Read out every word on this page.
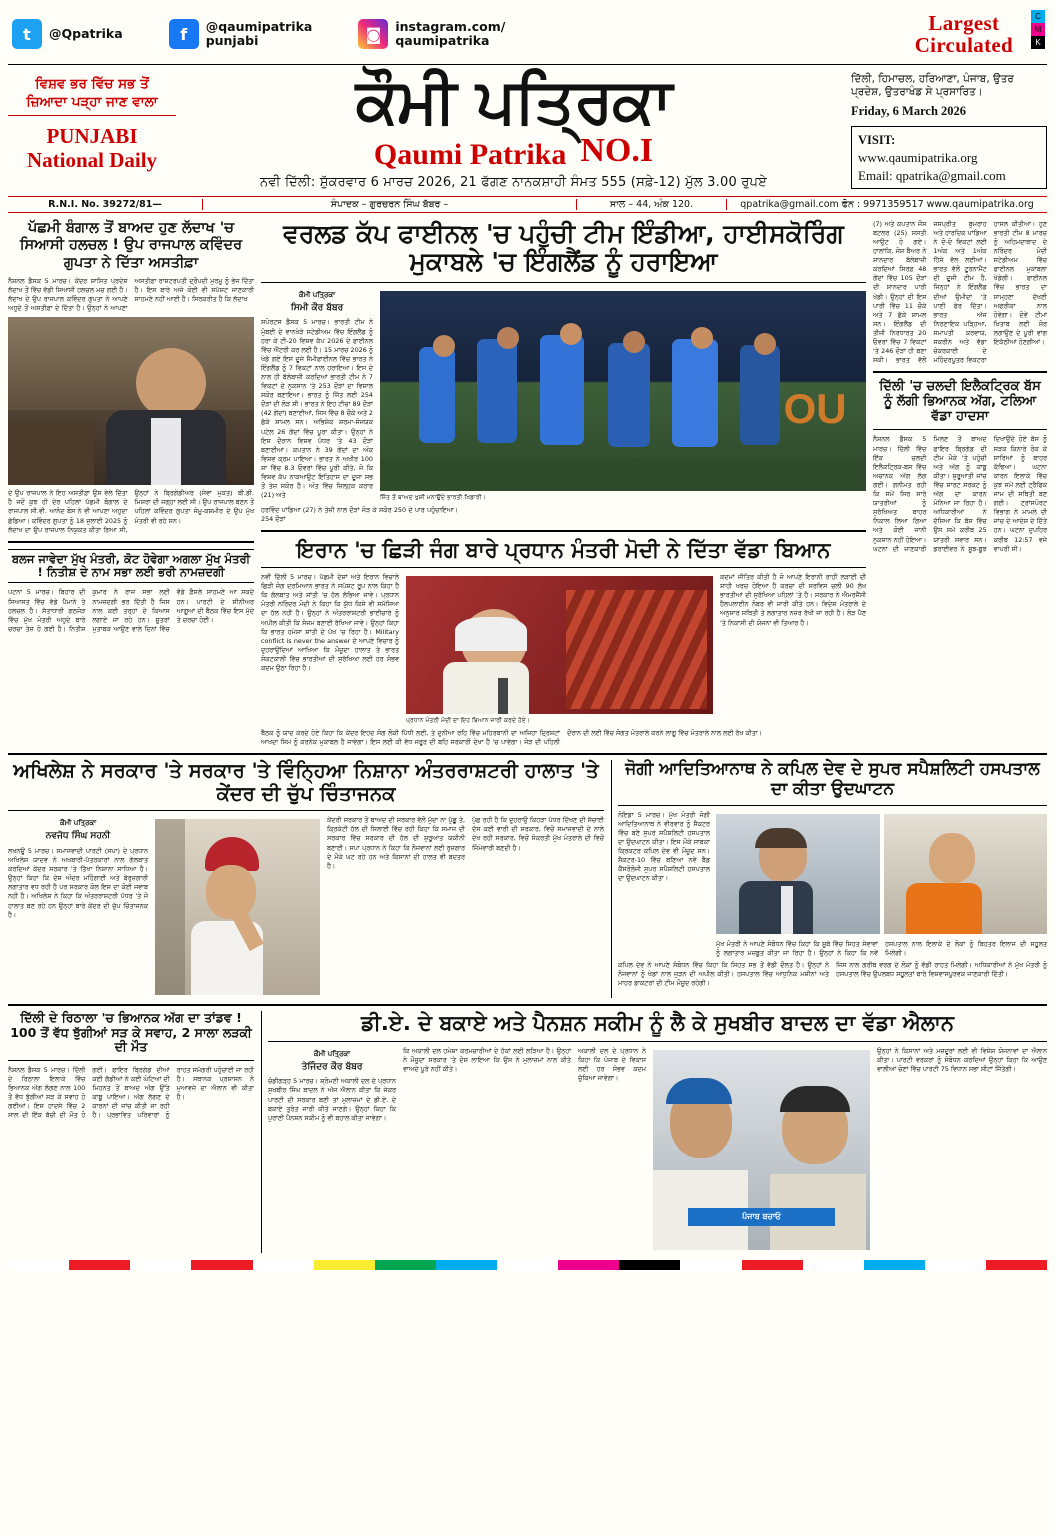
t	@Qpatrika	f	@qaumipatrika
punjabi	◙	instagram.com/
qaumipatrika
Largest
Circulated
C
M
K
ਵਿਸ਼ਵ ਭਰ ਵਿੱਚ ਸਭ ਤੋਂ
ਜ਼ਿਆਦਾ ਪੜ੍ਹਾ ਜਾਣ ਵਾਲਾ
PUNJABI
National Daily
ਕੌਮੀ ਪਤ੍ਰਿਕਾ
Qaumi Patrika NO.I
ਨਵੀ ਦਿੱਲੀ: ਸ਼ੁੱਕਰਵਾਰ 6 ਮਾਰਚ 2026, 21 ਫੱਗਣ ਨਾਨਕਸ਼ਾਹੀ ਸੰਮਤ 555 (ਸਫ਼ੇ-12) ਮੁੱਲ 3.00 ਰੁਪਏ
ਦਿੱਲੀ, ਹਿਮਾਚਲ, ਹਰਿਆਣਾ, ਪੰਜਾਬ, ਉਤਰ ਪ੍ਰਦੇਸ਼, ਉਤਰਾਖੰਡ ਸੇ ਪ੍ਰਸਾਰਿਤ।
Friday, 6 March 2026
VISIT:
www.qaumipatrika.org
Email: qpatrika@gmail.com
R.N.I. No. 39272/81—	ਸੰਪਾਦਕ – ਗੁਰਚਰਨ ਸਿੰਘ ਬੱਬਰ –	ਸਾਲ – 44, ਅੰਕ 120.	qpatrika@gmail.com ਫੋਨ : 9971359517 www.qaumipatrika.org
ਪੱਛਮੀ ਬੰਗਾਲ ਤੋਂ ਬਾਅਦ ਹੁਣ ਲੱਦਾਖ 'ਚ ਸਿਆਸੀ ਹਲਚਲ ! ਉਪ ਰਾਜਪਾਲ ਕਵਿੰਦਰ ਗੁਪਤਾ ਨੇ ਦਿੱਤਾ ਅਸਤੀਫ਼ਾ
ਨੈਸ਼ਨਲ ਡੈਸਕ 5 ਮਾਰਚ। ਕੇਂਦਰ ਸ਼ਾਸਿਤ ਪ੍ਰਦੇਸ਼ ਲੱਦਾਖ ਤੋਂ ਵਿੱਚ ਵੱਡੀ ਸਿਆਸੀ ਹਲਚਲ ਮਚ ਗਈ ਹੈ। ਲੱਦਾਖ ਦੇ ਉਪ ਰਾਜਪਾਲ ਕਵਿੰਦਰ ਗੁਪਤਾ ਨੇ ਆਪਣੇ ਅਹੁਦੇ ਤੋਂ ਅਸਤੀਫ਼ਾ ਦੇ ਦਿੱਤਾ ਹੈ। ਉਨ੍ਹਾਂ ਨੇ ਆਪਣਾ ਅਸਤੀਫ਼ਾ ਰਾਸ਼ਟਰਪਤੀ ਦ੍ਰੌਪਦੀ ਮੁਰਮੂ ਨੂੰ ਭੇਜ ਦਿੱਤਾ ਹੈ। ਇਸ ਬਾਰੇ ਅਜੇ ਕੋਈ ਵੀ ਸਪੱਸ਼ਟ ਜਾਣਕਾਰੀ ਸਾਹਮਣੇ ਨਹੀਂ ਆਈ ਹੈ। ਸਿਰਕਰੀਤ ਹੈ ਕਿ ਲੱਦਾਖ
ਦੇ ਉਪ ਰਾਜਪਾਲ ਨੇ ਇਹ ਅਸਤੀਫ਼ਾ ਉਸ ਵੇਲੇ ਦਿੱਤਾ ਹੈ ਜਦੋਂ ਕੁਝ ਹੀ ਦੇਰ ਪਹਿਲਾਂ ਪੱਛਮੀ ਬੰਗਾਲ ਦੇ ਰਾਜਪਾਲ ਸੀ.ਵੀ. ਆਨੰਦ ਬੋਸ ਨੇ ਵੀ ਆਪਣਾ ਅਹੁਦਾ ਛੱਡਿਆ। ਕਵਿੰਦਰ ਗੁਪਤਾ ਨੂੰ 18 ਜੁਲਾਈ 2025 ਨੂੰ ਲੱਦਾਖ ਦਾ ਉਪ ਰਾਜਪਾਲ ਨਿਯੁਕਤ ਕੀਤਾ ਗਿਆ ਸੀ, ਉਨ੍ਹਾਂ ਨੇ ਬ੍ਰਿਗੇਡੀਅਰ (ਸੇਵਾ ਮੁਕਤ) ਬੀ.ਡੀ. ਮਿਸ਼ਰਾ ਦੀ ਜਗ੍ਹਾ ਲਈ ਸੀ। ਉਪ ਰਾਜਪਾਲ ਬਣਨ ਤੋਂ ਪਹਿਲਾਂ ਕਵਿੰਦਰ ਗੁਪਤਾ ਜੰਮੂ-ਕਸ਼ਮੀਰ ਦੇ ਉਪ ਮੁੱਖ ਮੰਤਰੀ ਵੀ ਰਹੇ ਸਨ।
ਬਲਜ ਜਾਵੇਦਾ ਮੁੱਖ ਮੰਤਰੀ, ਕੋਟ ਹੋਵੇਗਾ ਅਗਲਾ ਮੁੱਖ ਮੰਤਰੀ ! ਨਿਤੀਸ਼ ਦੇ ਨਾਮ ਸਭਾ ਲਈ ਭਰੀ ਨਾਮਜ਼ਦਗੀ
ਪਟਨਾ 5 ਮਾਰਚ। ਬਿਹਾਰ ਦੀ ਸਿਆਸਤ ਵਿੱਚ ਵੱਡੇ ਪੈਮਾਨੇ ਤੇ ਹਲਚਲ ਹੈ। ਸੱਤਾਧਾਰੀ ਗਠਜੋੜ ਵਿੱਚ ਮੁੱਖ ਮੰਤਰੀ ਅਹੁਦੇ ਬਾਰੇ ਚਰਚਾ ਤੇਜ਼ ਹੋ ਗਈ ਹੈ। ਨਿਤੀਸ਼ ਕੁਮਾਰ ਨੇ ਰਾਜ ਸਭਾ ਲਈ ਨਾਮਜ਼ਦਗੀ ਭਰ ਦਿੱਤੀ ਹੈ ਜਿਸ ਨਾਲ ਕਈ ਤਰ੍ਹਾਂ ਦੇ ਕਿਆਸ ਲਗਾਏ ਜਾ ਰਹੇ ਹਨ। ਸੂਤਰਾਂ ਮੁਤਾਬਕ ਆਉਣ ਵਾਲੇ ਦਿਨਾਂ ਵਿੱਚ ਵੱਡੇ ਫ਼ੈਸਲੇ ਸਾਹਮਣੇ ਆ ਸਕਦੇ ਹਨ। ਪਾਰਟੀ ਦੇ ਸੀਨੀਅਰ ਆਗੂਆਂ ਦੀ ਬੈਠਕ ਵਿੱਚ ਇਸ ਮੁੱਦੇ ਤੇ ਚਰਚਾ ਹੋਈ।
ਵਰਲਡ ਕੱਪ ਫਾਈਨਲ 'ਚ ਪਹੁੰਚੀ ਟੀਮ ਇੰਡੀਆ, ਹਾਈਸਕੋਰਿੰਗ ਮੁਕਾਬਲੇ 'ਚ ਇੰਗਲੈਂਡ ਨੂੰ ਹਰਾਇਆ
ਕੌਮੀ ਪਤ੍ਰਿਕਾ
ਸਿਮੀ ਕੌਰ ਬੱਬਰ
ਸਪੋਰਟਸ ਡੈਸਕ 5 ਮਾਰਚ। ਭਾਰਤੀ ਟੀਮ ਨੇ ਮੁੰਬਈ ਦੇ ਵਾਨਖੇੜੇ ਸਟੇਡੀਅਮ ਵਿੱਚ ਇੰਗਲੈਂਡ ਨੂੰ ਹਰਾ ਕੇ ਟੀ-20 ਵਿਸ਼ਵ ਕੱਪ 2026 ਦੇ ਫਾਈਨਲ ਵਿੱਚ ਐਂਟਰੀ ਕਰ ਲਈ ਹੈ। 15 ਮਾਰਚ 2026 ਨੂੰ ਖੇਡੇ ਗਏ ਇਸ ਦੂਜੇ ਸੈਮੀਫਾਈਨਲ ਵਿੱਚ ਭਾਰਤ ਨੇ ਇੰਗਲੈਂਡ ਨੂੰ 7 ਵਿਕਟਾਂ ਨਾਲ ਹਰਾਇਆ। ਇਸ ਦੇ ਨਾਲ ਹੀ ਬੱਲੇਬਾਜ਼ੀ ਕਰਦਿਆਂ ਭਾਰਤੀ ਟੀਮ ਨੇ 7 ਵਿਕਟਾਂ ਦੇ ਨੁਕਸਾਨ 'ਤੇ 253 ਦੌੜਾਂ ਦਾ ਵਿਸ਼ਾਲ ਸਕੋਰ ਬਣਾਇਆ। ਭਾਰਤ ਨੂੰ ਜਿੱਤ ਲਈ 254 ਦੌੜਾਂ ਦੀ ਲੋੜ ਸੀ। ਭਾਰਤ ਨੇ ਇਹ ਟੀਚਾ 89 ਦੌੜਾਂ (42 ਗੇਂਦਾਂ) ਬਣਾਈਆਂ, ਜਿਸ ਵਿੱਚ 8 ਚੌਕੇ ਅਤੇ 2 ਛੱਕੇ ਸ਼ਾਮਲ ਸਨ। ਅਭਿਸ਼ੇਕ ਸ਼ਰਮਾ-ਸੰਜਯਕ ਪਟੇਲ 26 ਗੇਂਦਾਂ ਵਿੱਚ ਪੂਰਾ ਕੀਤਾ। ਉਨ੍ਹਾਂ ਨੇ ਇਸ ਦੌਰਾਨ ਵਿਸ਼ਵ ਪੱਧਰ 'ਤੇ 43 ਦੌੜਾਂ ਬਣਾਈਆਂ। ਕਪਤਾਨ ਨੇ 39 ਗੇਂਦਾਂ ਦਾ ਅੰਕ ਵਿਸ਼ਵ ਕ੍ਰਮ ਪਾਇਆ। ਭਾਰਤ ਨੇ ਅਖੀਰ 100 ਸ਼ਾ ਵਿੱਚ 8.3 ਓਵਰਾਂ ਵਿੱਚ ਪੂਰੀ ਕੀਤੇ, ਜੋ ਕਿ ਵਿਸ਼ਵ ਕੱਪ ਨਾਕਆਉਟ ਇਤਿਹਾਸ ਦਾ ਦੂਜਾ ਸਭ ਤੋਂ ਤੇਜ਼ ਸਕੋਰ ਹੈ। ਅੰਤ ਵਿੱਚ ਜ਼ਿਲ੍ਹਕ ਕਰਾਰ (21) ਅਤੇ
OU
ਜਿੱਤ ਤੋਂ ਬਾਅਦ ਖੁਸ਼ੀ ਮਨਾਉਂਦੇ ਭਾਰਤੀ ਖਿਡਾਰੀ।
ਹਰਵਿੰਦ ਪਾਂਡਿਆ (27) ਨੇ ਤੇਜ਼ੀ ਨਾਲ ਦੌੜਾਂ ਜੋੜ ਕੇ ਸਕੋਰ 250 ਦੇ ਪਾਰ ਪਹੁੰਚਾਇਆ। 254 ਦੌੜਾਂ
ਇਰਾਨ 'ਚ ਛਿੜੀ ਜੰਗ ਬਾਰੇ ਪ੍ਰਧਾਨ ਮੰਤਰੀ ਮੋਦੀ ਨੇ ਦਿੱਤਾ ਵੱਡਾ ਬਿਆਨ
ਨਵੀਂ ਦਿੱਲੀ 5 ਮਾਰਚ। ਪੱਛਮੀ ਦੇਸ਼ਾਂ ਅਤੇ ਇਰਾਨ ਵਿਚਾਲੇ ਛਿੜੀ ਜੰਗ ਦਰਮਿਆਨ ਭਾਰਤ ਨੇ ਸਪੱਸ਼ਟ ਰੂਪ ਨਾਲ ਕਿਹਾ ਹੈ ਕਿ ਗੱਲਬਾਤ ਅਤੇ ਸ਼ਾਂਤੀ 'ਚ ਹੱਲ ਲੱਭਿਆ ਜਾਵੇ। ਪ੍ਰਧਾਨ ਮੰਤਰੀ ਨਰਿੰਦਰ ਮੋਦੀ ਨੇ ਕਿਹਾ ਕਿ ਯੁੱਧ ਕਿਸੇ ਵੀ ਸਮੱਸਿਆ ਦਾ ਹੱਲ ਨਹੀਂ ਹੈ। ਉਨ੍ਹਾਂ ਨੇ ਅੰਤਰਰਾਸ਼ਟਰੀ ਭਾਈਚਾਰੇ ਨੂੰ ਅਪੀਲ ਕੀਤੀ ਕਿ ਸੰਜਮ ਬਣਾਈ ਰੱਖਿਆ ਜਾਵੇ। ਉਨ੍ਹਾਂ ਕਿਹਾ ਕਿ ਭਾਰਤ ਹਮੇਸ਼ਾ ਸ਼ਾਂਤੀ ਦੇ ਪੱਖ 'ਚ ਰਿਹਾ ਹੈ। Military conflict is never the answer ਦੇ ਆਪਣੇ ਵਿਚਾਰ ਨੂੰ ਦੁਹਰਾਉਂਦਿਆਂ ਆਖਿਆ ਕਿ ਮੌਜੂਦਾ ਹਾਲਾਤ ਤੇ ਭਾਰਤ ਸੰਕਟਕਾਲੀ ਵਿੱਚ ਭਾਰਤੀਆਂ ਦੀ ਸੁਰੱਖਿਆ ਲਈ ਹਰ ਸੰਭਵ ਕਦਮ ਉਠਾ ਰਿਹਾ ਹੈ।
ਪ੍ਰਧਾਨ ਮੰਤਰੀ ਮੋਦੀ ਦਾ ਇਹ ਬਿਆਨ ਜਾਰੀ ਕਰਦੇ ਹੋਏ।
ਕਦਮਾਂ ਜੀਤਿਰ ਕੀਤੀ ਹੈ ਜੋ ਆਪਣੇ ਇਰਾਨੀ ਰਾਹੀਂ ਲੜਾਈ ਦੀ ਸ਼ਾਹੀ ਖਰਚ ਹੋਇਆ ਹੈ ਕਰਚਾ ਦੀ ਸਰਵਿਸ ਚਲੀ 90 ਲੱਖ ਭਾਰਤੀਆਂ ਦੀ ਸੁਰੱਖਿਆ ਪਹਿਲਾਂ 'ਤੇ ਹੈ। ਸਰਕਾਰ ਨੇ ਐਮਰਜੈਂਸੀ ਹੈਲਪਲਾਈਨ ਨੰਬਰ ਵੀ ਜਾਰੀ ਕੀਤੇ ਹਨ। ਵਿਦੇਸ਼ ਮੰਤਰਾਲੇ ਦੇ ਅਨੁਸਾਰ ਸਥਿਤੀ ਤੇ ਲਗਾਤਾਰ ਨਜ਼ਰ ਰੱਖੀ ਜਾ ਰਹੀ ਹੈ। ਲੋੜ ਪੈਣ 'ਤੇ ਨਿਕਾਸੀ ਦੀ ਯੋਜਨਾ ਵੀ ਤਿਆਰ ਹੈ।
ਬੈਠਕ ਨੂੰ ਯਾਦ ਕਰਦੇ ਹੋਏ ਕਿਹਾ ਕਿ ਕੇਂਦਰ ਇਹਦ ਸੰਗ ਲੋਕੀ ਪਿੱਧੀ ਲਈ, ਤੇ ਦੁਨੀਆ ਰਹਿ ਵਿੱਚ ਮਹਿਰਬਾਨੀ ਦਾ ਅਜਿਹਾ ਦ੍ਰਿਸ਼ਟਾਂ ਆਖਦਾ ਸਿਮ ਨੂੰ ਕਰਨੇਕ ਮੁਕਾਬਲ ਹੈ ਜਾਵੇਗਾ। ਇਸ ਲਈ ਕੀ ਵੱਧ ਜਰੂਰ ਦੀ ਬਹਿ ਸਰਕਾਰੀ ਦੇਖਾ ਹੈ 'ਚ ਪਾਵੇਗਾ। ਜੋੜ ਦੀ ਪਹਿਲੀ ਦੌਰਾਨ ਦੀ ਲਈ ਵਿੱਚ ਸੰਗਤ ਮੰਤਰਾਲੇ ਕਰਨੇ ਲਾਗੂ ਵਿੱਚ ਮੰਤਰਾਲੇ ਨਾਲ ਲਈ ਰੱਖ ਕੀਤਾ।
(7) ਅਤੇ ਕਪਤਾਨ ਜੌਸ ਬਟਲਰ (25) ਸਸਤੀ ਆਉਟ ਹੋ ਗਏ। ਹਾਲਾਂਕਿ, ਜੋਸ਼ ਬੈਅਰ ਨੇ ਸ਼ਾਨਦਾਰ ਬੱਲੇਬਾਜ਼ੀ ਕਰਦਿਆਂ ਸਿਰਫ਼ 48 ਗੇਂਦਾਂ ਵਿੱਚ 105 ਦੌੜਾਂ ਦੀ ਸ਼ਾਨਦਾਰ ਪਾਰੀ ਖੇਡੀ। ਉਨ੍ਹਾਂ ਦੀ ਇਸ ਪਾਰੀ ਵਿੱਚ 11 ਚੌਕੇ ਅਤੇ 7 ਛੱਕੇ ਸ਼ਾਮਲ ਸਨ। ਇੰਗਲੈਂਡ ਦੀ ਤੀਜੀ ਨਿਰਧਾਰਤ 20 ਓਵਰਾਂ ਵਿੱਚ 7 ਵਿਕਟਾਂ 'ਤੇ 246 ਦੌੜਾਂ ਹੀ ਬਣਾ ਸਕੀ। ਭਾਰਤ ਵੱਲੋਂ ਜਸਪ੍ਰੀਤ ਬੁਮਰਾਹ ਅਤੇ ਹਾਰਦਿਕ ਪਾਂਡਿਆ ਨੇ ਦੋ-ਦੋ ਵਿਕਟਾਂ ਲਈ 1ਅੰਕ ਅਤੇ 1ਅੰਕ ਹਿੱਸੇ ਵੱਲ ਲਈਆਂ। ਭਾਰਤ ਵੱਲੋਂ ਟੂਰਨਾਮੈਂਟ ਦੀ ਦੂਜੀ ਟੀਮ ਹੈ, ਜਿਨ੍ਹਾਂ ਨੇ ਇੰਗਲੈਂਡ ਦੀਆਂ ਉਮੀਦਾਂ 'ਤੇ ਪਾਣੀ ਫੇਰ ਦਿੱਤਾ। ਭਾਰਤ ਅੱਜ ਨਿਰਣਾਇਕ ਪੜ੍ਹਿਆ, ਸਮਾਪਤੀ ਕਰਵਾਯ, ਸਕਰੀਨ ਅਤੇ ਵੱਡਾ ਚੰਕਰਕਾਈ ਦੇ ਮਹਿੰਦਰਪੂਤਰ ਵਿਕਟਰਾ ਹਾਸਲ ਕੀਤੀਆਂ। ਹੁਣ ਭਾਰਤੀ ਟੀਮ 8 ਮਾਰਚ ਨੂੰ ਅਹਿਮਦਾਬਾਦ ਦੇ ਨਰਿੰਦਰ ਮੋਦੀ ਸਟੇਡੀਅਮ ਵਿੱਚ ਫਾਈਨਲ ਮੁਕਾਬਲਾ ਖੇਡੇਗੀ। ਫਾਈਨਲ ਵਿੱਚ ਭਾਰਤ ਦਾ ਸਾਮ੍ਹਣਾ ਦੱਖਣੀ ਅਫਰੀਕਾ ਨਾਲ ਹੋਵੇਗਾ। ਦੋਵੇਂ ਟੀਮਾਂ ਖ਼ਿਤਾਬ ਲਈ ਜ਼ੋਰ ਲਗਾਉਣ ਦੇ ਪੂਰੀ ਵਾਂਗ ਇਕੱਠੀਆਂ ਹੋਣਗੀਆਂ।
ਦਿੱਲੀ 'ਚ ਚਲਦੀ ਇਲੈਕਟ੍ਰਿਕ ਬੱਸ ਨੂੰ ਲੱਗੀ ਭਿਆਨਕ ਅੱਗ, ਟਲਿਆ ਵੱਡਾ ਹਾਦਸਾ
ਨੈਸ਼ਨਲ ਡੈਸਕ 5 ਮਾਰਚ। ਦਿੱਲੀ ਵਿੱਚ ਇੱਕ ਚਲਦੀ ਇਲੈਕਟ੍ਰਿਕ-ਬਸ ਵਿੱਚ ਅਚਾਨਕ ਅੱਗ ਲੱਗ ਗਈ। ਗਨੀਮਤ ਰਹੀ ਕਿ ਸਮੇਂ ਸਿਰ ਸਾਰੇ ਯਾਤਰੀਆਂ ਨੂੰ ਸੁਰੱਖਿਅਤ ਬਾਹਰ ਨਿਕਾਲ ਲਿਆ ਗਿਆ ਅਤੇ ਕੋਈ ਜਾਨੀ ਨੁਕਸਾਨ ਨਹੀਂ ਹੋਇਆ। ਘਟਨਾ ਦੀ ਜਾਣਕਾਰੀ ਮਿਲਣ ਤੋਂ ਬਾਅਦ ਫਾਇਰ ਬ੍ਰਿਗੇਡ ਦੀ ਟੀਮ ਮੌਕੇ 'ਤੇ ਪਹੁੰਚੀ ਅਤੇ ਅੱਗ ਨੂੰ ਕਾਬੂ ਕੀਤਾ। ਸ਼ੁਰੂਆਤੀ ਜਾਂਚ ਵਿੱਚ ਸ਼ਾਰਟ ਸਰਕਟ ਨੂੰ ਅੱਗ ਦਾ ਕਾਰਨ ਮੰਨਿਆ ਜਾ ਰਿਹਾ ਹੈ। ਅਧਿਕਾਰੀਆਂ ਨੇ ਦੱਸਿਆ ਕਿ ਬੱਸ ਵਿੱਚ ਉਸ ਸਮੇਂ ਕਰੀਬ 25 ਯਾਤਰੀ ਸਵਾਰ ਸਨ। ਡਰਾਈਵਰ ਨੇ ਸੂਝ-ਬੂਝ ਦਿਖਾਉਂਦੇ ਹੋਏ ਬੱਸ ਨੂੰ ਸੜਕ ਕਿਨਾਰੇ ਰੋਕ ਕੇ ਸਾਰਿਆਂ ਨੂੰ ਬਾਹਰ ਕੱਢਿਆ। ਘਟਨਾ ਕਾਰਨ ਇਲਾਕੇ ਵਿੱਚ ਕੁਝ ਸਮੇਂ ਲਈ ਟ੍ਰੈਫਿਕ ਜਾਮ ਦੀ ਸਥਿਤੀ ਬਣ ਗਈ। ਟ੍ਰਾਂਸਪੋਰਟ ਵਿਭਾਗ ਨੇ ਮਾਮਲੇ ਦੀ ਜਾਂਚ ਦੇ ਆਦੇਸ਼ ਦੇ ਦਿੱਤੇ ਹਨ। ਘਟਨਾ ਦੁਪਹਿਰ ਕਰੀਬ 12:57 ਵਜੇ ਵਾਪਰੀ ਸੀ।
ਅਖਿਲੇਸ਼ ਨੇ ਸਰਕਾਰ 'ਤੇ ਸਰਕਾਰ 'ਤੇ ਵਿੰਨ੍ਹਿਆ ਨਿਸ਼ਾਨਾ ਅੰਤਰਰਾਸ਼ਟਰੀ ਹਾਲਾਤ 'ਤੇ ਕੇਂਦਰ ਦੀ ਚੁੱਪ ਚਿੰਤਾਜਨਕ
ਕੌਮੀ ਪਤ੍ਰਿਕਾ
ਨਵਜੋਧ ਸਿੰਘ ਸਹਨੀ
ਲਖਨਊ 5 ਮਾਰਚ। ਸਮਾਜਵਾਦੀ ਪਾਰਟੀ (ਸਪਾ) ਦੇ ਪ੍ਰਧਾਨ ਅਖਿਲੇਸ਼ ਯਾਦਵ ਨੇ ਅਖਬਾਰੀ-ਪੱਤਰਕਾਰਾਂ ਨਾਲ ਗੱਲਬਾਤ ਕਰਦਿਆਂ ਕੇਂਦਰ ਸਰਕਾਰ 'ਤੇ ਤਿੱਖਾ ਨਿਸ਼ਾਨਾ ਸਾਧਿਆ ਹੈ। ਉਨ੍ਹਾਂ ਕਿਹਾ ਕਿ ਦੇਸ਼ ਅੰਦਰ ਮਹਿੰਗਾਈ ਅਤੇ ਬੇਰੁਜ਼ਗਾਰੀ ਲਗਾਤਾਰ ਵਧ ਰਹੀ ਹੈ ਪਰ ਸਰਕਾਰ ਕੋਲ ਇਸ ਦਾ ਕੋਈ ਜਵਾਬ ਨਹੀਂ ਹੈ। ਅਖਿਲੇਸ਼ ਨੇ ਕਿਹਾ ਕਿ ਅੰਤਰਰਾਸ਼ਟਰੀ ਪੱਧਰ 'ਤੇ ਜੋ ਹਾਲਾਤ ਬਣ ਰਹੇ ਹਨ ਉਨ੍ਹਾਂ ਬਾਰੇ ਕੇਂਦਰ ਦੀ ਚੁੱਪ ਚਿੰਤਾਜਨਕ ਹੈ।
ਕੇਂਦਰੀ ਸਰਕਾਰ ਤੋਂ ਬਾਅਦ ਦੀ ਸਰਕਾਰ ਵੱਲੋਂ ਮੁੱਦਾ ਨਾ ਪੁੱਛੂ ਤੇ, ਕ੍ਰਿਕੇਟੀ ਹੱਲ ਦੀ ਸਿਲਾਈ ਵਿੱਚ ਰਹੀ ਕਿਹਾ ਕਿ ਸਮਾਜ ਦੀ ਸਰਕਾਰ ਵਿੱਚ ਸਰਕਾਰ ਦੀ ਹੱਲ ਦੀ ਸ਼ੁਰੂਆਤ ਯਕੀਨੀ ਬਣਾਈ। ਸਪਾ ਪ੍ਰਧਾਨ ਨੇ ਕਿਹਾ ਕਿ ਨੌਜਵਾਨਾਂ ਲਈ ਰੁਜ਼ਗਾਰ ਦੇ ਮੌਕੇ ਘਟ ਰਹੇ ਹਨ ਅਤੇ ਕਿਸਾਨਾਂ ਦੀ ਹਾਲਤ ਵੀ ਬਦਤਰ ਹੈ।
ਪੁੱਛ ਰਹੀ ਹੈ ਕਿ ਦੁਹਰਾਉ ਕਿਹੜਾ ਪੱਧਰ ਦਿੱਖਣ ਦੀ ਸੱਚਾਈ ਦੱਸ ਕਈ ਵਾਰੀ ਦੀ ਸਰਕਾਰ, ਵਿਚੋਂ ਸਮਾਜਵਾਦੀ ਦੇ ਨਾਲੇ ਦੇਖ ਰਹੀ ਸਰਕਾਰ, ਵਿਚੋਂ ਸੰਕਰਤੀ ਮੁੱਖ ਮੰਤਰਾਲੇ ਦੀ ਵਿਚੋਂ ਜਿੰਮੇਵਾਰੀ ਬਣਦੀ ਹੈ।
ਜੋਗੀ ਆਦਿਤਿਆਨਾਥ ਨੇ ਕਪਿਲ ਦੇਵ ਦੇ ਸੁਪਰ ਸਪੈਸ਼ਲਿਟੀ ਹਸਪਤਾਲ ਦਾ ਕੀਤਾ ਉਦਘਾਟਨ
ਨੋਇਡਾ 5 ਮਾਰਚ। ਮੁੱਖ ਮੰਤਰੀ ਜੋਗੀ ਆਦਿਤਿਆਨਾਥ ਨੇ ਵੀਰਵਾਰ ਨੂੰ ਸੈਕਟਰ ਵਿੱਚ ਬਣੇ ਸੁਪਰ ਸਪੈਸ਼ਲਿਟੀ ਹਸਪਤਾਲ ਦਾ ਉਦਘਾਟਨ ਕੀਤਾ। ਇਸ ਮੌਕੇ ਸਾਬਕਾ ਕ੍ਰਿਕਟਰ ਕਪਿਲ ਦੇਵ ਵੀ ਮੌਜੂਦ ਸਨ। ਸੈਕਟਰ-10 ਵਿੱਚ ਬਣਿਆ ਨਵੇਂ ਬੈਡ ਕੈਂਸਰੋਲੋਜੀ ਸੁਪਰ ਸਪੈਸ਼ਲਿਟੀ ਹਸਪਤਾਲ ਦਾ ਉਦਘਾਟਨ ਕੀਤਾ।
ਮੁੱਖ ਮੰਤਰੀ ਨੇ ਆਪਣੇ ਸੰਬੋਧਨ ਵਿੱਚ ਕਿਹਾ ਕਿ ਸੂਬੇ ਵਿੱਚ ਸਿਹਤ ਸੇਵਾਵਾਂ ਨੂੰ ਲਗਾਤਾਰ ਮਜ਼ਬੂਤ ਕੀਤਾ ਜਾ ਰਿਹਾ ਹੈ। ਉਨ੍ਹਾਂ ਨੇ ਕਿਹਾ ਕਿ ਨਵੇਂ ਹਸਪਤਾਲ ਨਾਲ ਇਲਾਕੇ ਦੇ ਲੋਕਾਂ ਨੂੰ ਬਿਹਤਰ ਇਲਾਜ ਦੀ ਸਹੂਲਤ ਮਿਲੇਗੀ।
ਕਪਿਲ ਦੇਵ ਨੇ ਆਪਣੇ ਸੰਬੋਧਨ ਵਿੱਚ ਕਿਹਾ ਕਿ ਸਿਹਤ ਸਭ ਤੋਂ ਵੱਡੀ ਦੌਲਤ ਹੈ। ਉਨ੍ਹਾਂ ਨੇ ਨੌਜਵਾਨਾਂ ਨੂੰ ਖੇਡਾਂ ਨਾਲ ਜੁੜਨ ਦੀ ਅਪੀਲ ਕੀਤੀ। ਹਸਪਤਾਲ ਵਿੱਚ ਆਧੁਨਿਕ ਮਸ਼ੀਨਾਂ ਅਤੇ ਮਾਹਰ ਡਾਕਟਰਾਂ ਦੀ ਟੀਮ ਮੌਜੂਦ ਰਹੇਗੀ।
ਜਿਸ ਨਾਲ ਗਰੀਬ ਵਰਗ ਦੇ ਲੋਕਾਂ ਨੂੰ ਵੱਡੀ ਰਾਹਤ ਮਿਲੇਗੀ। ਅਧਿਕਾਰੀਆਂ ਨੇ ਮੁੱਖ ਮੰਤਰੀ ਨੂੰ ਹਸਪਤਾਲ ਵਿੱਚ ਉਪਲਬਧ ਸਹੂਲਤਾਂ ਬਾਰੇ ਵਿਸ਼ਵਾਸਪੂਰਵਕ ਜਾਣਕਾਰੀ ਦਿੱਤੀ।
ਦਿੱਲੀ ਦੇ ਰਿਠਾਲਾ 'ਚ ਭਿਆਨਕ ਅੱਗ ਦਾ ਤਾਂਡਵ ! 100 ਤੋਂ ਵੱਧ ਝੁੱਗੀਆਂ ਸੜ ਕੇ ਸਵਾਹ, 2 ਸਾਲਾ ਲੜਕੀ ਦੀ ਮੌਤ
ਨੈਸ਼ਨਲ ਡੈਸਕ 5 ਮਾਰਚ। ਦਿੱਲੀ ਦੇ ਰਿਠਾਲਾ ਇਲਾਕੇ ਵਿੱਚ ਭਿਆਨਕ ਅੱਗ ਲੱਗਣ ਨਾਲ 100 ਤੋਂ ਵੱਧ ਝੁੱਗੀਆਂ ਸੜ ਕੇ ਸਵਾਹ ਹੋ ਗਈਆਂ। ਇਸ ਹਾਦਸੇ ਵਿੱਚ 2 ਸਾਲ ਦੀ ਇੱਕ ਬੱਚੀ ਦੀ ਮੌਤ ਹੋ ਗਈ। ਫਾਇਰ ਬ੍ਰਿਗੇਡ ਦੀਆਂ ਕਈ ਗੱਡੀਆਂ ਨੇ ਕਈ ਘੰਟਿਆਂ ਦੀ ਮਿਹਨਤ ਤੋਂ ਬਾਅਦ ਅੱਗ ਉੱਤੇ ਕਾਬੂ ਪਾਇਆ। ਅੱਗ ਲੱਗਣ ਦੇ ਕਾਰਨਾਂ ਦੀ ਜਾਂਚ ਕੀਤੀ ਜਾ ਰਹੀ ਹੈ। ਪ੍ਰਭਾਵਿਤ ਪਰਿਵਾਰਾਂ ਨੂੰ ਰਾਹਤ ਸਮੱਗਰੀ ਪਹੁੰਚਾਈ ਜਾ ਰਹੀ ਹੈ। ਸਥਾਨਕ ਪ੍ਰਸ਼ਾਸਨ ਨੇ ਮੁਆਵਜ਼ੇ ਦਾ ਐਲਾਨ ਵੀ ਕੀਤਾ ਹੈ।
ਡੀ.ਏ. ਦੇ ਬਕਾਏ ਅਤੇ ਪੈਨਸ਼ਨ ਸਕੀਮ ਨੂੰ ਲੈ ਕੇ ਸੁਖਬੀਰ ਬਾਦਲ ਦਾ ਵੱਡਾ ਐਲਾਨ
ਕੌਮੀ ਪਤ੍ਰਿਕਾ
ਤੇਜਿੰਦਰ ਕੌਰ ਬੱਬਰ
ਚੰਡੀਗੜ੍ਹ 5 ਮਾਰਚ। ਸ਼੍ਰੋਮਣੀ ਅਕਾਲੀ ਦਲ ਦੇ ਪ੍ਰਧਾਨ ਸੁਖਬੀਰ ਸਿੰਘ ਬਾਦਲ ਨੇ ਅੱਜ ਐਲਾਨ ਕੀਤਾ ਕਿ ਜੇਕਰ ਪਾਰਟੀ ਦੀ ਸਰਕਾਰ ਬਣੀ ਤਾਂ ਮੁਲਾਜ਼ਮਾਂ ਦੇ ਡੀ.ਏ. ਦੇ ਬਕਾਏ ਤੁਰੰਤ ਜਾਰੀ ਕੀਤੇ ਜਾਣਗੇ। ਉਨ੍ਹਾਂ ਕਿਹਾ ਕਿ ਪੁਰਾਣੀ ਪੈਨਸ਼ਨ ਸਕੀਮ ਨੂੰ ਵੀ ਬਹਾਲ ਕੀਤਾ ਜਾਵੇਗਾ।
ਕਿ ਅਕਾਲੀ ਦਲ ਹਮੇਸ਼ਾ ਕਰਮਚਾਰੀਆਂ ਦੇ ਹੱਕਾਂ ਲਈ ਲੜਿਆ ਹੈ। ਉਨ੍ਹਾਂ ਨੇ ਮੌਜੂਦਾ ਸਰਕਾਰ 'ਤੇ ਦੋਸ਼ ਲਾਇਆ ਕਿ ਉਸ ਨੇ ਮੁਲਾਜ਼ਮਾਂ ਨਾਲ ਕੀਤੇ ਵਾਅਦੇ ਪੂਰੇ ਨਹੀਂ ਕੀਤੇ।
ਅਕਾਲੀ ਦਲ ਦੇ ਪ੍ਰਧਾਨ ਨੇ ਕਿਹਾ ਕਿ ਪੰਜਾਬ ਦੇ ਵਿਕਾਸ ਲਈ ਹਰ ਸੰਭਵ ਕਦਮ ਚੁੱਕਿਆ ਜਾਵੇਗਾ।
ਪੰਜਾਬ ਬਚਾਓ
ਉਨ੍ਹਾਂ ਨੇ ਕਿਸਾਨਾਂ ਅਤੇ ਮਜ਼ਦੂਰਾਂ ਲਈ ਵੀ ਵਿਸ਼ੇਸ਼ ਯੋਜਨਾਵਾਂ ਦਾ ਐਲਾਨ ਕੀਤਾ। ਪਾਰਟੀ ਵਰਕਰਾਂ ਨੂੰ ਸੰਬੋਧਨ ਕਰਦਿਆਂ ਉਨ੍ਹਾਂ ਕਿਹਾ ਕਿ ਆਉਣ ਵਾਲੀਆਂ ਚੋਣਾਂ ਵਿੱਚ ਪਾਰਟੀ 75 ਵਿਧਾਨ ਸਭਾ ਸੀਟਾਂ ਜਿੱਤੇਗੀ।
